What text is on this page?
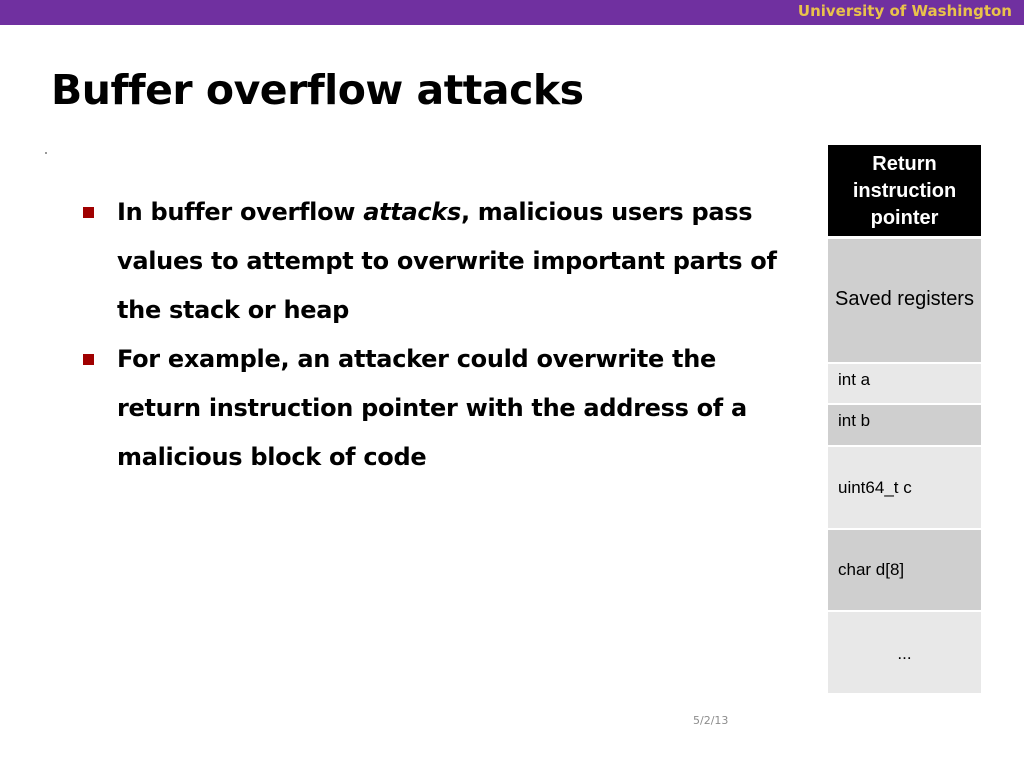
University of Washington
Buffer overflow attacks
In buffer overflow attacks, malicious users pass values to attempt to overwrite important parts of the stack or heap
For example, an attacker could overwrite the return instruction pointer with the address of a malicious block of code
Return instruction pointer
Saved registers
int a
int b
uint64_t c
char d[8]
...
5/2/13
